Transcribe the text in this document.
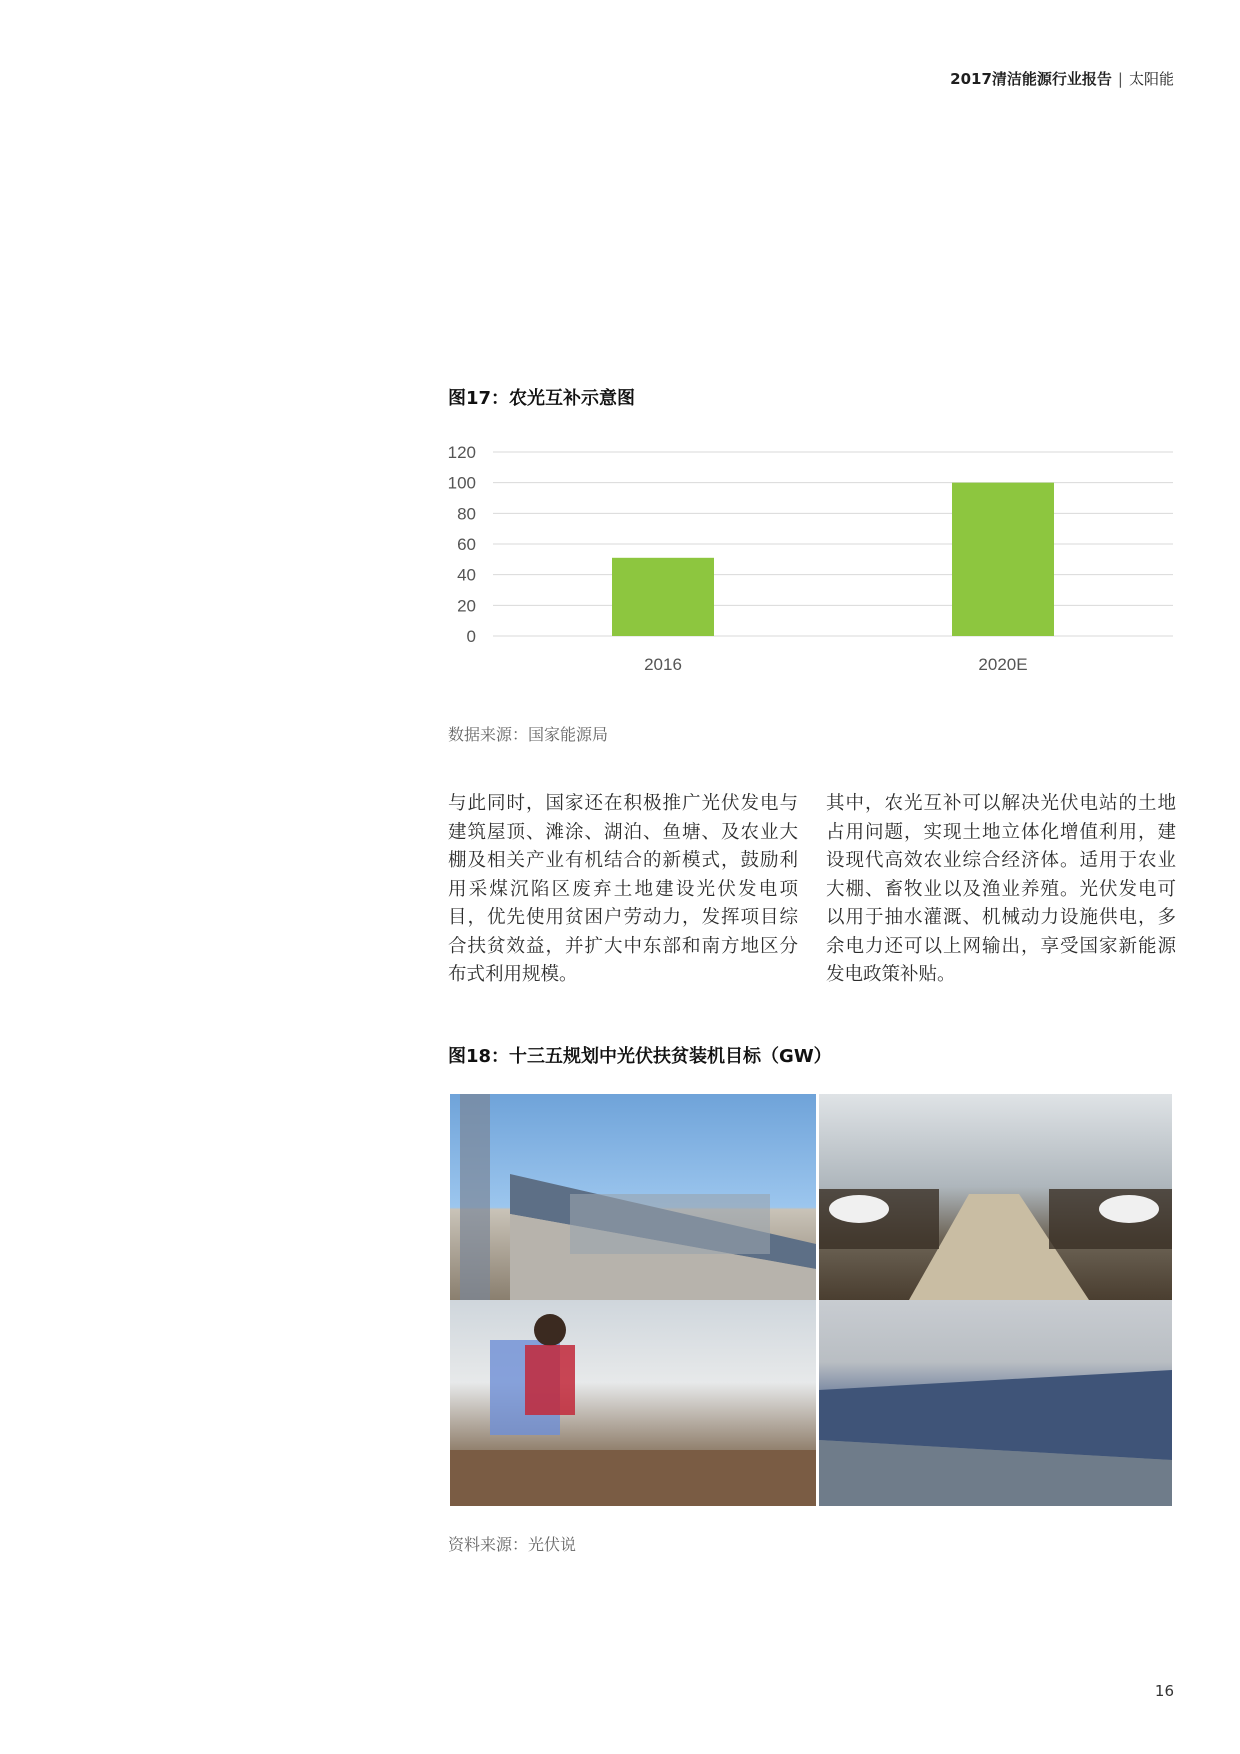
2017清洁能源行业报告 | 太阳能
图17：农光互补示意图
0
20
40
60
80
100
120
2016	2020E
数据来源：国家能源局
与此同时，国家还在积极推广光伏发电与建筑屋顶、滩涂、湖泊、鱼塘、及农业大棚及相关产业有机结合的新模式，鼓励利用采煤沉陷区废弃土地建设光伏发电项目，优先使用贫困户劳动力，发挥项目综合扶贫效益，并扩大中东部和南方地区分布式利用规模。
其中，农光互补可以解决光伏电站的土地占用问题，实现土地立体化增值利用，建设现代高效农业综合经济体。适用于农业大棚、畜牧业以及渔业养殖。光伏发电可以用于抽水灌溉、机械动力设施供电，多余电力还可以上网输出，享受国家新能源发电政策补贴。
图18：十三五规划中光伏扶贫装机目标（GW）
资料来源：光伏说
16
